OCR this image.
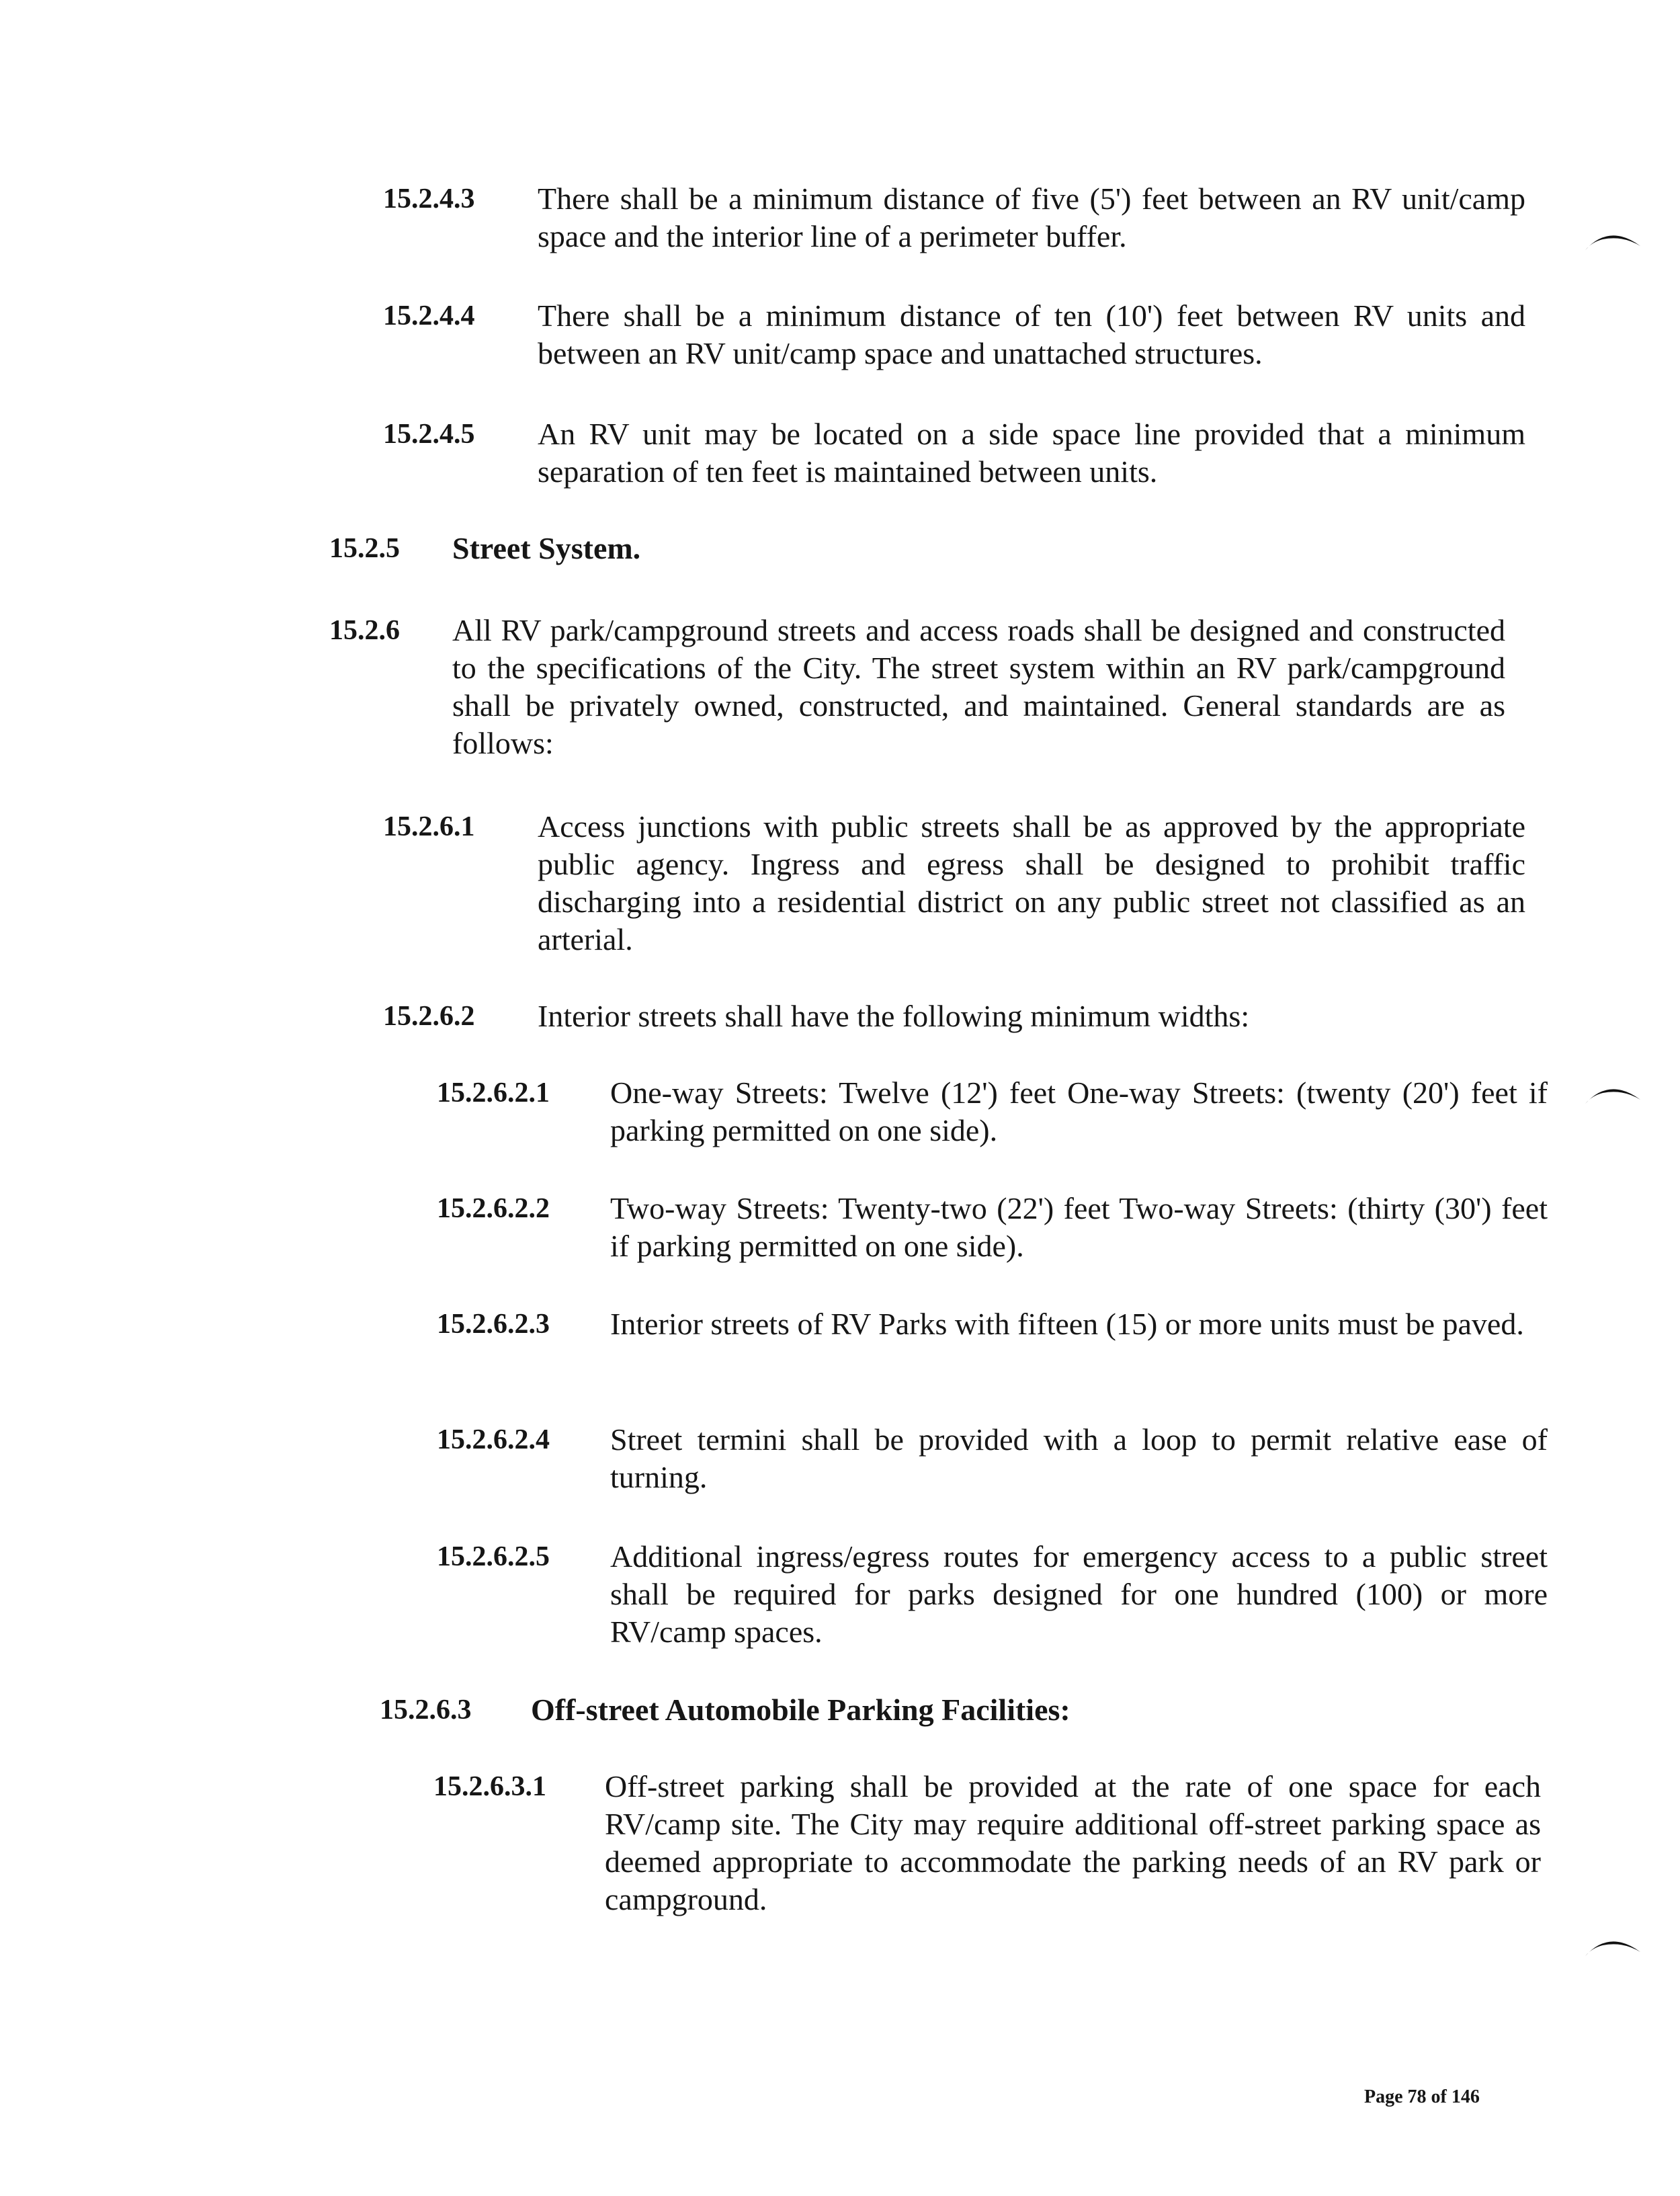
15.2.4.3 There shall be a minimum distance of five (5') feet between an RV unit/camp space and the interior line of a perimeter buffer.
15.2.4.4 There shall be a minimum distance of ten (10') feet between RV units and between an RV unit/camp space and unattached structures.
15.2.4.5 An RV unit may be located on a side space line provided that a minimum separation of ten feet is maintained between units.
15.2.5 Street System.
15.2.6 All RV park/campground streets and access roads shall be designed and constructed to the specifications of the City. The street system within an RV park/campground shall be privately owned, constructed, and maintained. General standards are as follows:
15.2.6.1 Access junctions with public streets shall be as approved by the appropriate public agency. Ingress and egress shall be designed to prohibit traffic discharging into a residential district on any public street not classified as an arterial.
15.2.6.2 Interior streets shall have the following minimum widths:
15.2.6.2.1 One-way Streets: Twelve (12') feet One-way Streets: (twenty (20') feet if parking permitted on one side).
15.2.6.2.2 Two-way Streets: Twenty-two (22') feet Two-way Streets: (thirty (30') feet if parking permitted on one side).
15.2.6.2.3 Interior streets of RV Parks with fifteen (15) or more units must be paved.
15.2.6.2.4 Street termini shall be provided with a loop to permit relative ease of turning.
15.2.6.2.5 Additional ingress/egress routes for emergency access to a public street shall be required for parks designed for one hundred (100) or more RV/camp spaces.
15.2.6.3 Off-street Automobile Parking Facilities:
15.2.6.3.1 Off-street parking shall be provided at the rate of one space for each RV/camp site. The City may require additional off-street parking space as deemed appropriate to accommodate the parking needs of an RV park or campground.
Page 78 of 146
